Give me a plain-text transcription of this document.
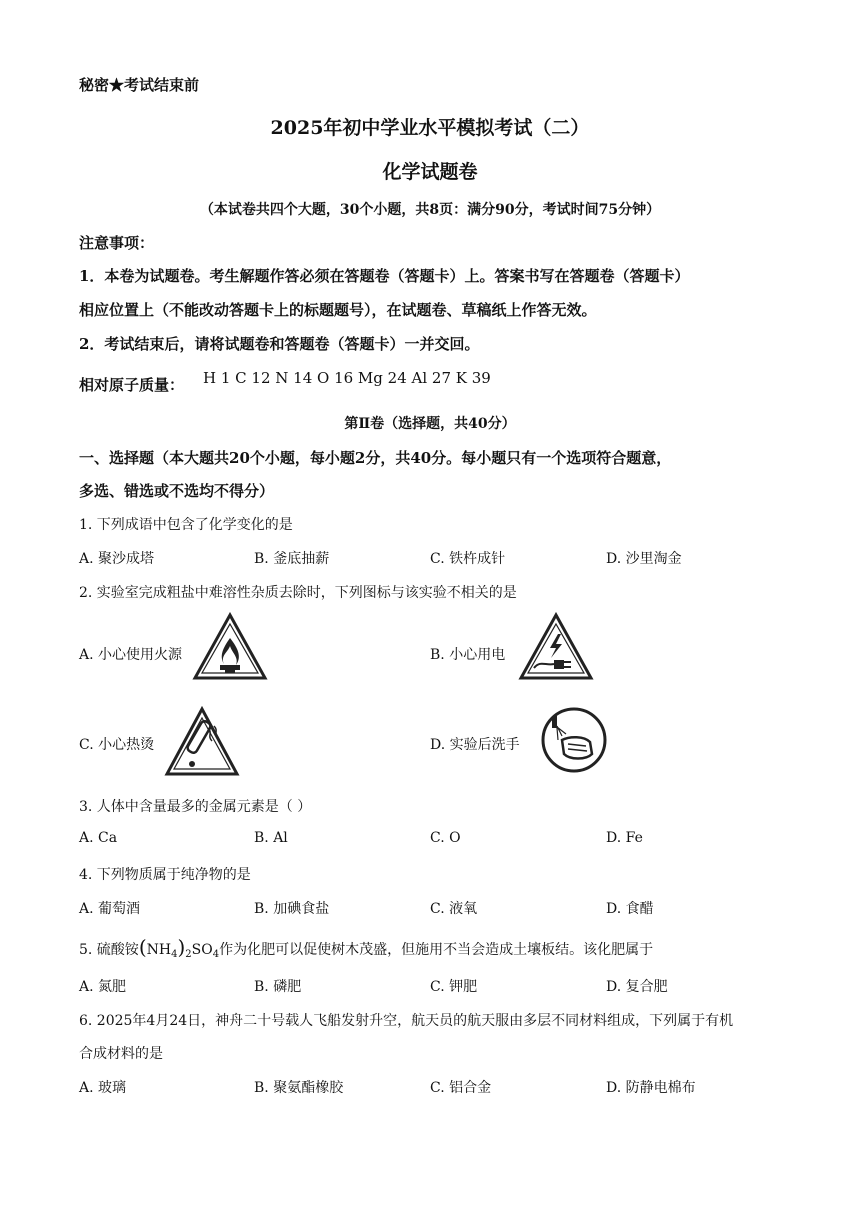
秘密★考试结束前
2025年初中学业水平模拟考试（二）
化学试题卷
（本试卷共四个大题，30个小题，共8页：满分90分，考试时间75分钟）
注意事项：
1．本卷为试题卷。考生解题作答必须在答题卷（答题卡）上。答案书写在答题卷（答题卡）
相应位置上（不能改动答题卡上的标题题号），在试题卷、草稿纸上作答无效。
2．考试结束后，请将试题卷和答题卷（答题卡）一并交回。
相对原子质量： H 1 C 12 N 14 O 16 Mg 24 Al 27 K 39
第Ⅱ卷（选择题，共40分）
一、选择题（本大题共20个小题，每小题2分，共40分。每小题只有一个选项符合题意，
多选、错选或不选均不得分）
1. 下列成语中包含了化学变化的是
A. 聚沙成塔	B. 釜底抽薪	C. 铁杵成针	D. 沙里淘金
2. 实验室完成粗盐中难溶性杂质去除时，下列图标与该实验不相关的是
A. 小心使用火源	B. 小心用电
C. 小心热烫	D. 实验后洗手
3. 人体中含量最多的金属元素是（ ）
A. Ca	B. Al	C. O	D. Fe
4. 下列物质属于纯净物的是
A. 葡萄酒	B. 加碘食盐	C. 液氧	D. 食醋
5. 硫酸铵$(NH_4)_2SO_4$作为化肥可以促使树木茂盛，但施用不当会造成土壤板结。该化肥属于
A. 氮肥	B. 磷肥	C. 钾肥	D. 复合肥
6. 2025年4月24日，神舟二十号载人飞船发射升空，航天员的航天服由多层不同材料组成，下列属于有机
合成材料的是
A. 玻璃	B. 聚氨酯橡胶	C. 铝合金	D. 防静电棉布
